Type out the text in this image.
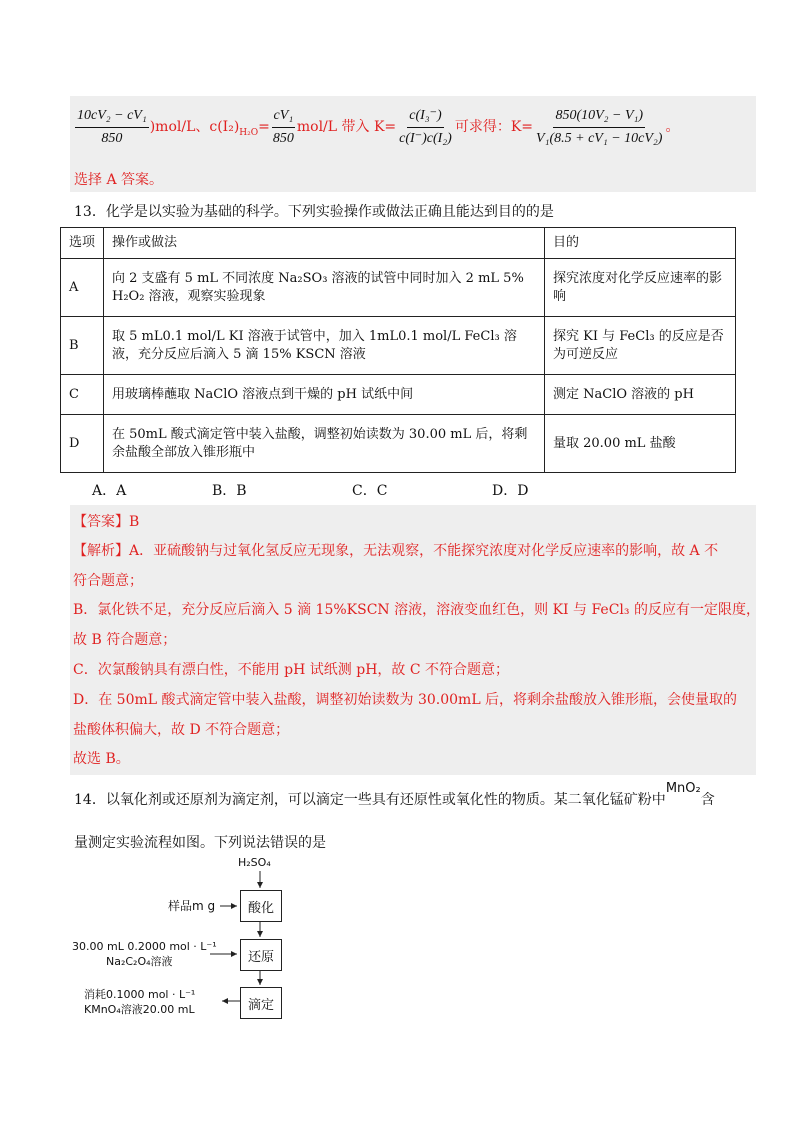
$\frac{\text{10cV₂ − cV₁}}{850} )mol/L$、c(I₂) $H_2O = \frac{\text{cV₁}}{850} mol/L$ 带入 $K= \frac{\text{c(I₃⁻)}}{\text{c(I⁻)c(I₂)}}$ 可求得：$K= \frac{\text{850(10V₂ − V₁)}}{\text{V₁(8.5 + cV₁ − 10cV₂)}}$ 。
选择 A 答案。
13．化学是以实验为基础的科学。下列实验操作或做法正确且能达到目的的是
选项	操作或做法	目的
A	向 2 支盛有 5 mL 不同浓度 Na₂SO₃ 溶液的试管中同时加入 2 mL 5% H₂O₂ 溶液，观察实验现象	探究浓度对化学反应速率的影响
B	取 5 mL0.1 mol/L KI 溶液于试管中，加入 1mL0.1 mol/L FeCl₃ 溶液，充分反应后滴入 5 滴 15% KSCN 溶液	探究 KI 与 FeCl₃ 的反应是否为可逆反应
C	用玻璃棒蘸取 NaClO 溶液点到干燥的 pH 试纸中间	测定 NaClO 溶液的 pH
D	在 50mL 酸式滴定管中装入盐酸，调整初始读数为 30.00 mL 后，将剩余盐酸全部放入锥形瓶中	量取 20.00 mL 盐酸
A．A	B．B	C．C	D．D
【答案】B
【解析】A．亚硫酸钠与过氧化氢反应无现象，无法观察，不能探究浓度对化学反应速率的影响，故 A 不
符合题意；
B．氯化铁不足，充分反应后滴入 5 滴 15%KSCN 溶液，溶液变血红色，则 KI 与 FeCl₃ 的反应有一定限度，
故 B 符合题意；
C．次氯酸钠具有漂白性，不能用 pH 试纸测 pH，故 C 不符合题意；
D．在 50mL 酸式滴定管中装入盐酸，调整初始读数为 30.00mL 后，将剩余盐酸放入锥形瓶，会使量取的
盐酸体积偏大，故 D 不符合题意；
故选 B。
14．以氧化剂或还原剂为滴定剂，可以滴定一些具有还原性或氧化性的物质。某二氧化锰矿粉中MnO₂含
量测定实验流程如图。下列说法错误的是
H₂SO₄
样品m g	酸化
30.00 mL 0.2000 mol · L⁻¹
Na₂C₂O₄溶液	还原
消耗0.1000 mol · L⁻¹
KMnO₄溶液20.00 mL	滴定
